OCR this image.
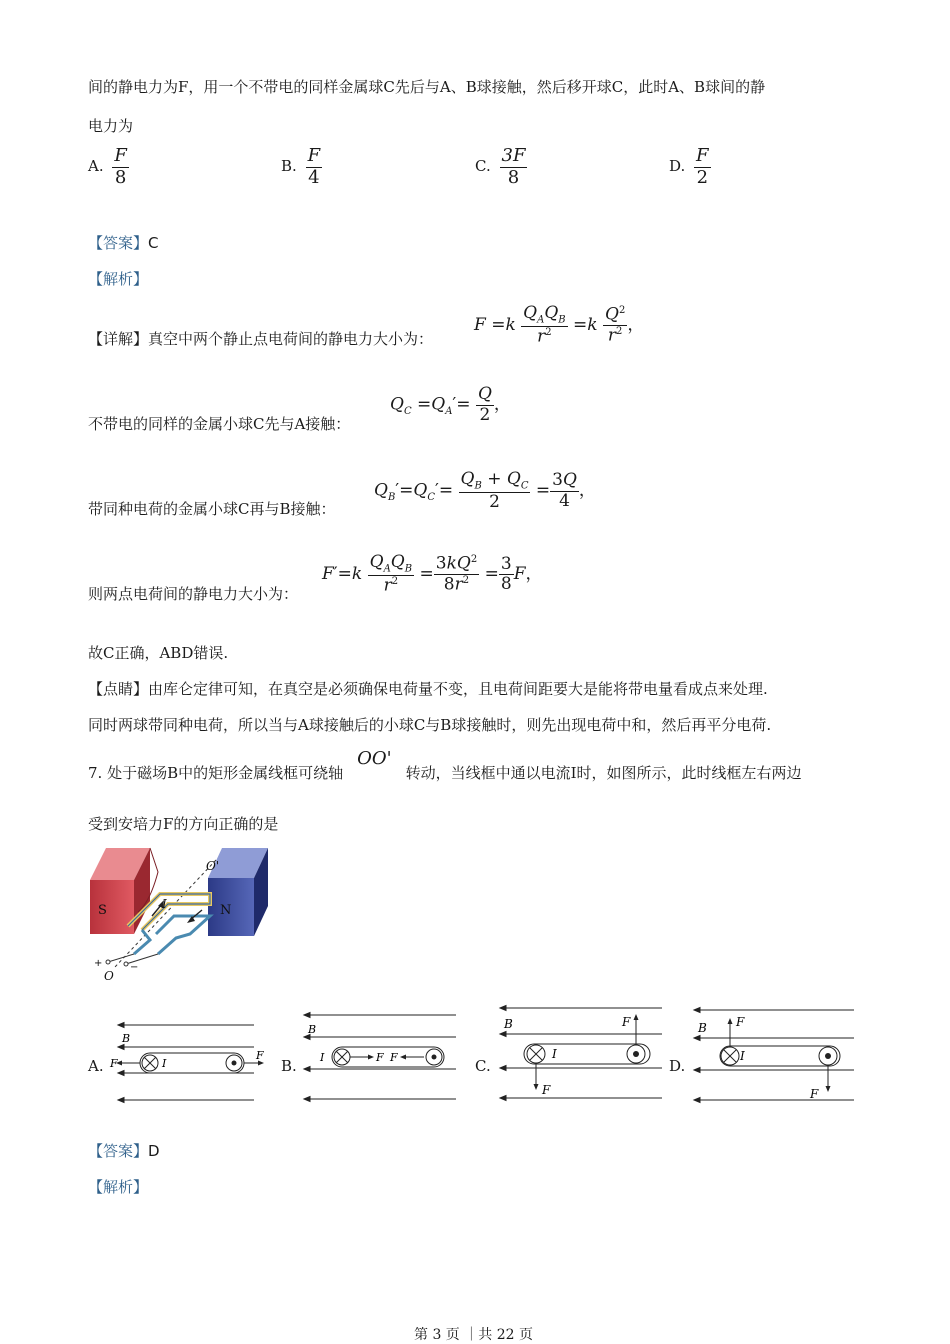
间的静电力为F，用一个不带电的同样金属球C先后与A、B球接触，然后移开球C，此时A、B球间的静
电力为
A. $\frac{F}{8}$	B. $\frac{F}{4}$	C. $\frac{3F}{8}$	D. $\frac{F}{2}$
【答案】C
【解析】
【详解】真空中两个静止点电荷间的静电力大小为：
$F =k \frac{Q_AQ_B}{r^2} =k \frac{Q^2}{r^2}$ ，
不带电的同样的金属小球C先与A接触：
$Q_C =Q_A'= \frac{Q}{2}$ ，
带同种电荷的金属小球C再与B接触：
$Q_B'=Q_C'= \frac{Q_B + Q_C}{2} = \frac{3Q}{4}$ ，
则两点电荷间的静电力大小为：
$F'=k \frac{Q_AQ_B}{r^2} = \frac{3kQ^2}{8r^2} = \frac{3}{8}$ F，
故C正确，ABD错误.
【点睛】由库仑定律可知，在真空是必须确保电荷量不变，且电荷间距要大是能将带电量看成点来处理.
同时两球带同种电荷，所以当与A球接触后的小球C与B球接触时，则先出现电荷中和，然后再平分电荷.
7. 处于磁场B中的矩形金属线框可绕轴OO'转动，当线框中通以电流I时，如图所示，此时线框左右两边
受到安培力F的方向正确的是
S	N
O'
O
I
+	−
A.
B
F
F
I	B.
B
I	F F	C.
B
I
F
F
D.
B
I
F
F
【答案】D
【解析】
第 3 页 ｜共 22 页
